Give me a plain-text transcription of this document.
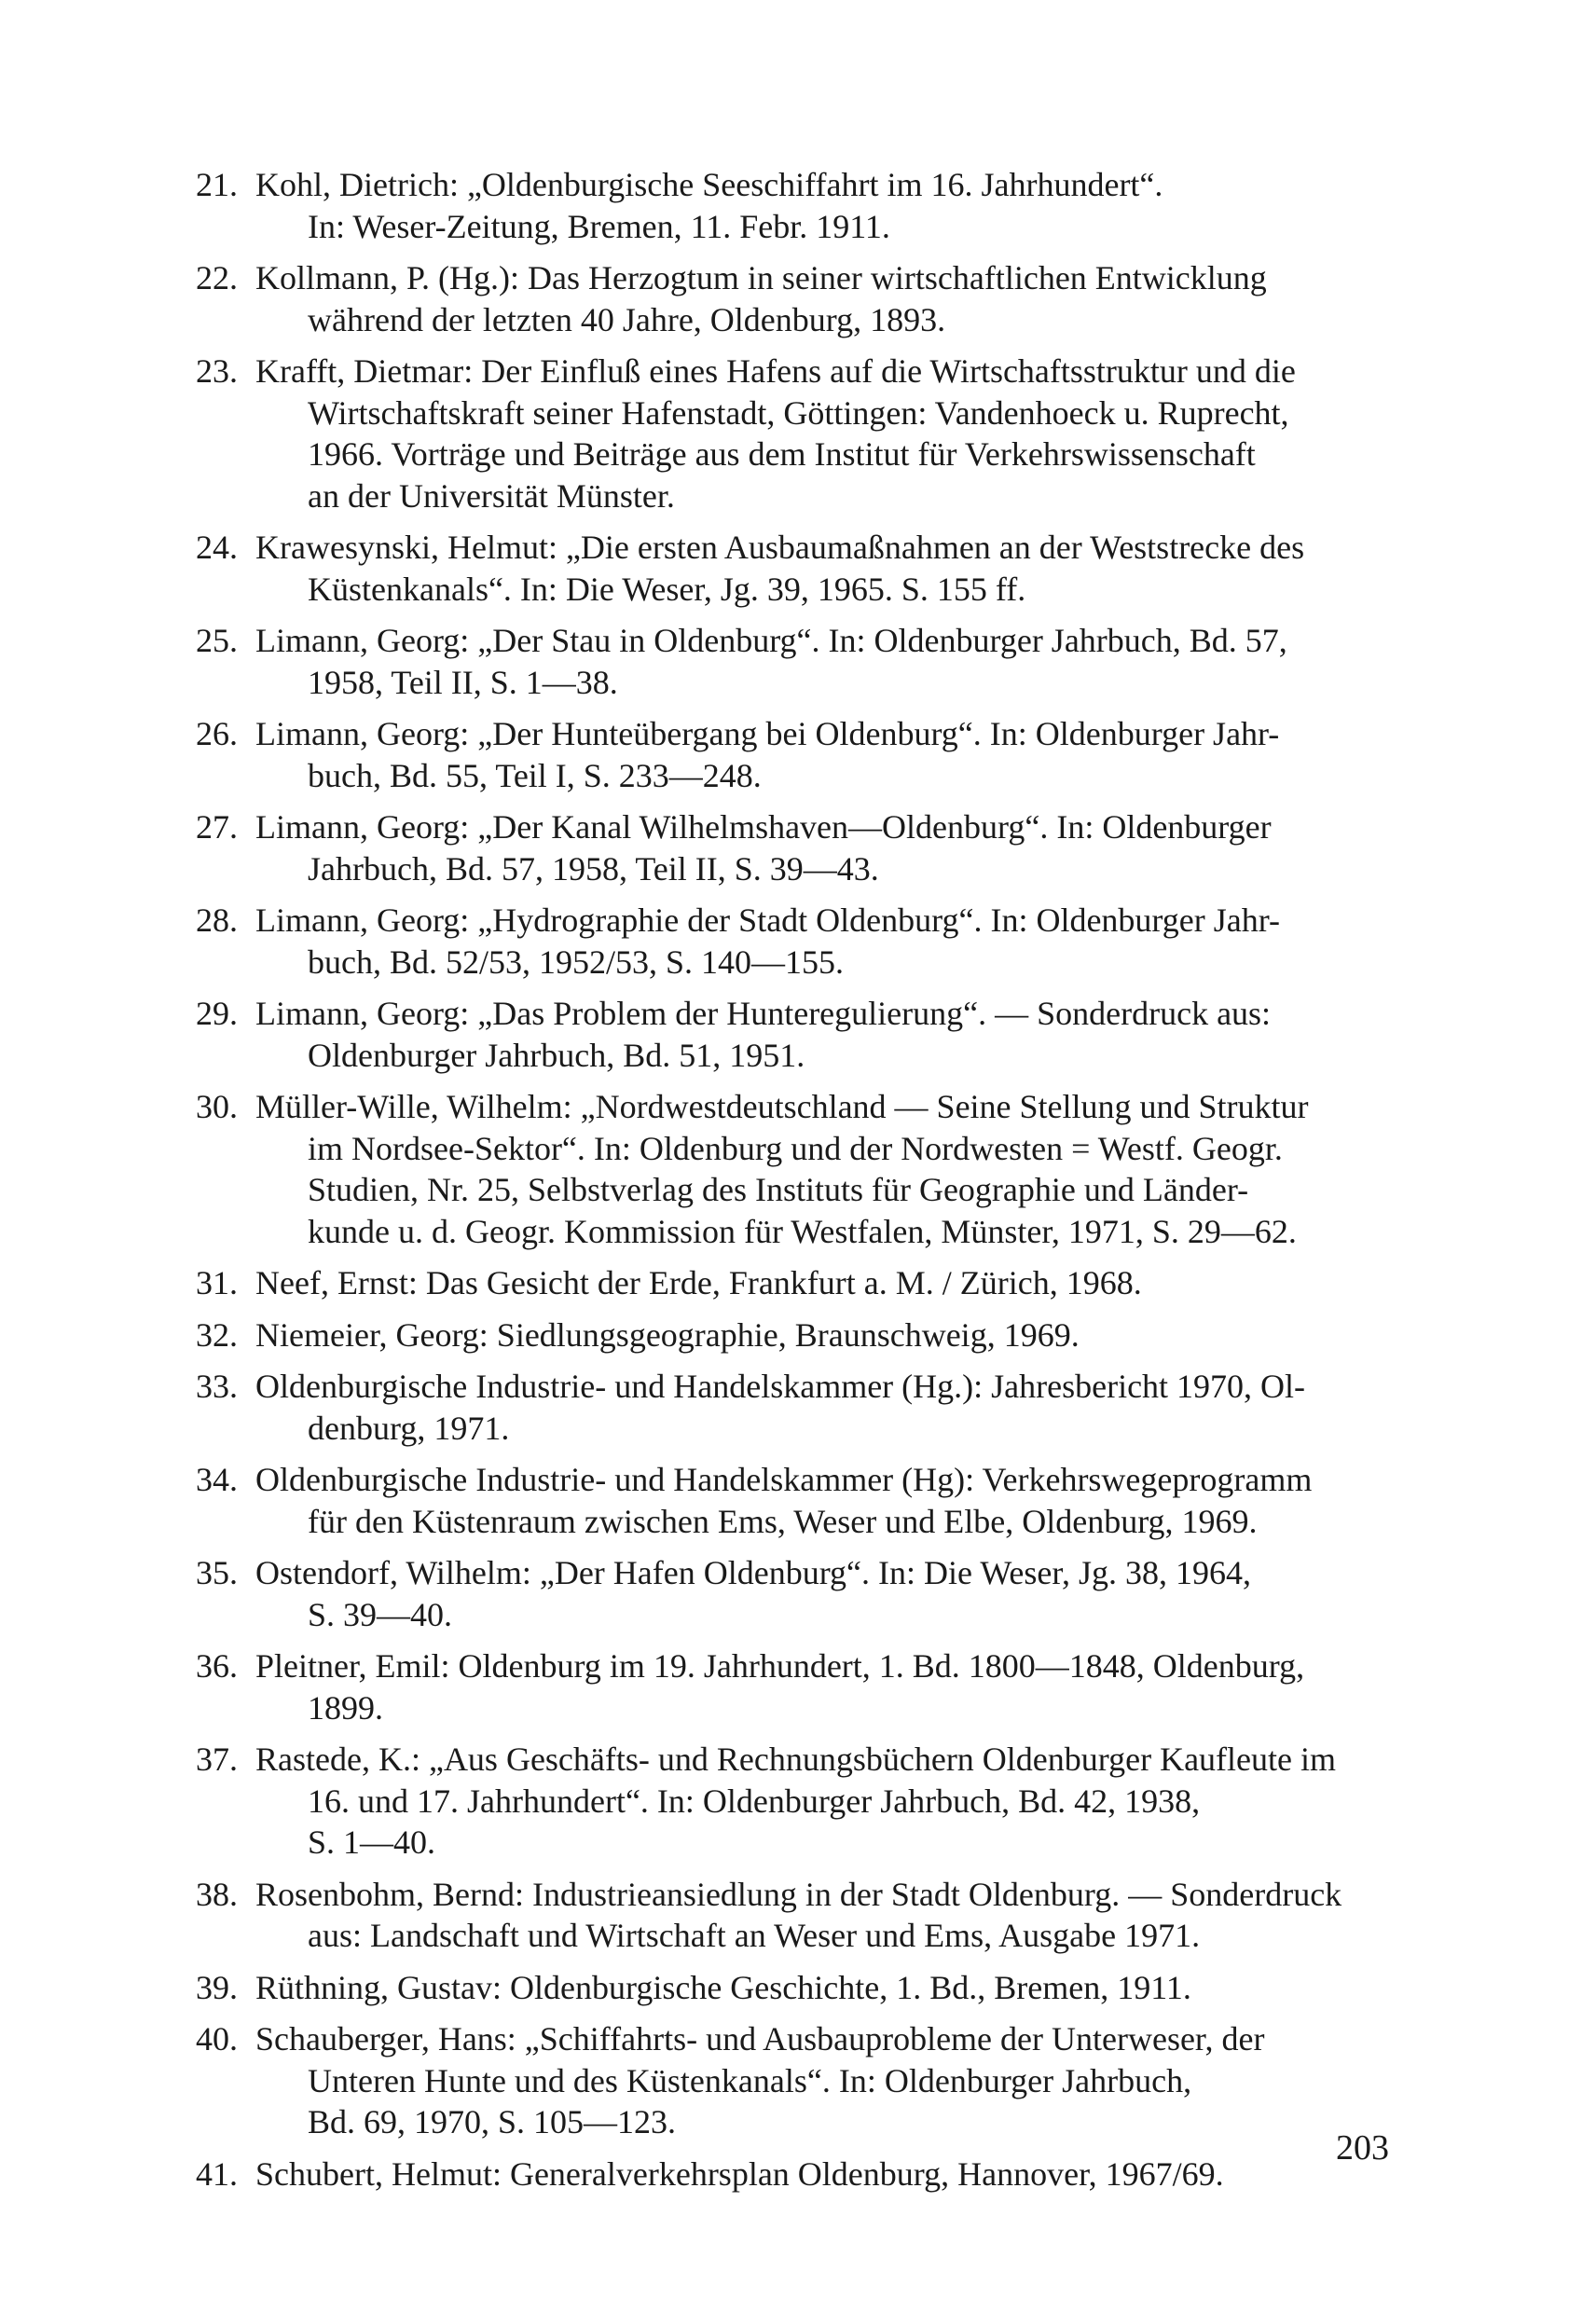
21. Kohl, Dietrich: „Oldenburgische Seeschiffahrt im 16. Jahrhundert“.
In: Weser-Zeitung, Bremen, 11. Febr. 1911.
22. Kollmann, P. (Hg.): Das Herzogtum in seiner wirtschaftlichen Entwicklung
während der letzten 40 Jahre, Oldenburg, 1893.
23. Krafft, Dietmar: Der Einfluß eines Hafens auf die Wirtschaftsstruktur und die
Wirtschaftskraft seiner Hafenstadt, Göttingen: Vandenhoeck u. Ruprecht,
1966. Vorträge und Beiträge aus dem Institut für Verkehrswissenschaft
an der Universität Münster.
24. Krawesynski, Helmut: „Die ersten Ausbaumaßnahmen an der Weststrecke des
Küstenkanals“. In: Die Weser, Jg. 39, 1965. S. 155 ff.
25. Limann, Georg: „Der Stau in Oldenburg“. In: Oldenburger Jahrbuch, Bd. 57,
1958, Teil II, S. 1—38.
26. Limann, Georg: „Der Hunteübergang bei Oldenburg“. In: Oldenburger Jahr-
buch, Bd. 55, Teil I, S. 233—248.
27. Limann, Georg: „Der Kanal Wilhelmshaven—Oldenburg“. In: Oldenburger
Jahrbuch, Bd. 57, 1958, Teil II, S. 39—43.
28. Limann, Georg: „Hydrographie der Stadt Oldenburg“. In: Oldenburger Jahr-
buch, Bd. 52/53, 1952/53, S. 140—155.
29. Limann, Georg: „Das Problem der Hunteregulierung“. — Sonderdruck aus:
Oldenburger Jahrbuch, Bd. 51, 1951.
30. Müller-Wille, Wilhelm: „Nordwestdeutschland — Seine Stellung und Struktur
im Nordsee-Sektor“. In: Oldenburg und der Nordwesten = Westf. Geogr.
Studien, Nr. 25, Selbstverlag des Instituts für Geographie und Länder-
kunde u. d. Geogr. Kommission für Westfalen, Münster, 1971, S. 29—62.
31. Neef, Ernst: Das Gesicht der Erde, Frankfurt a. M. / Zürich, 1968.
32. Niemeier, Georg: Siedlungsgeographie, Braunschweig, 1969.
33. Oldenburgische Industrie- und Handelskammer (Hg.): Jahresbericht 1970, Ol-
denburg, 1971.
34. Oldenburgische Industrie- und Handelskammer (Hg): Verkehrswegeprogramm
für den Küstenraum zwischen Ems, Weser und Elbe, Oldenburg, 1969.
35. Ostendorf, Wilhelm: „Der Hafen Oldenburg“. In: Die Weser, Jg. 38, 1964,
S. 39—40.
36. Pleitner, Emil: Oldenburg im 19. Jahrhundert, 1. Bd. 1800—1848, Oldenburg,
1899.
37. Rastede, K.: „Aus Geschäfts- und Rechnungsbüchern Oldenburger Kaufleute im
16. und 17. Jahrhundert“. In: Oldenburger Jahrbuch, Bd. 42, 1938,
S. 1—40.
38. Rosenbohm, Bernd: Industrieansiedlung in der Stadt Oldenburg. — Sonderdruck
aus: Landschaft und Wirtschaft an Weser und Ems, Ausgabe 1971.
39. Rüthning, Gustav: Oldenburgische Geschichte, 1. Bd., Bremen, 1911.
40. Schauberger, Hans: „Schiffahrts- und Ausbauprobleme der Unterweser, der
Unteren Hunte und des Küstenkanals“. In: Oldenburger Jahrbuch,
Bd. 69, 1970, S. 105—123.
41. Schubert, Helmut: Generalverkehrsplan Oldenburg, Hannover, 1967/69.
203
